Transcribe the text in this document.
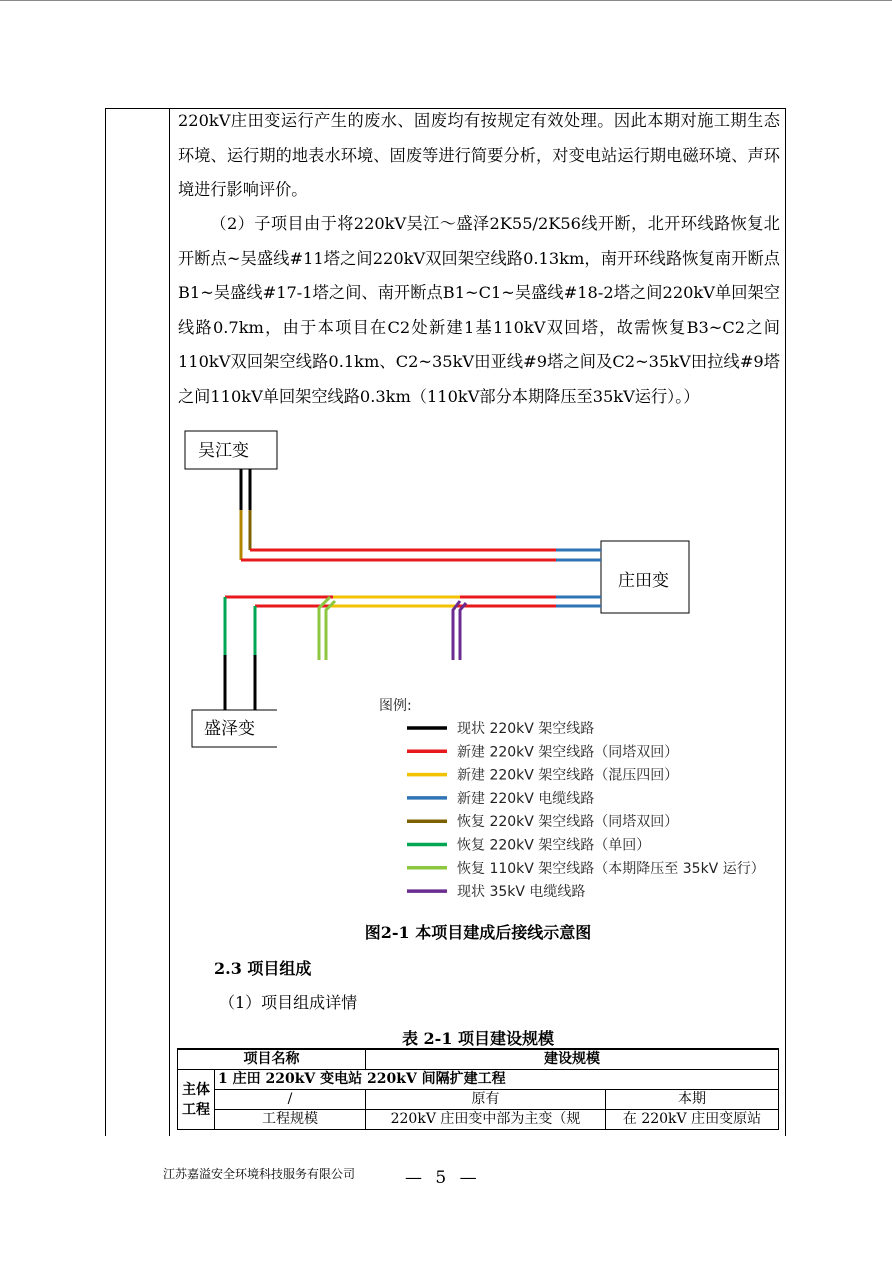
220kV庄田变运行产生的废水、固废均有按规定有效处理。因此本期对施工期生态环境、运行期的地表水环境、固废等进行简要分析，对变电站运行期电磁环境、声环境进行影响评价。

（2）子项目由于将220kV吴江～盛泽2K55/2K56线开断，北开环线路恢复北开断点~吴盛线#11塔之间220kV双回架空线路0.13km，南开环线路恢复南开断点B1~吴盛线#17-1塔之间、南开断点B1~C1~吴盛线#18-2塔之间220kV单回架空线路0.7km，由于本项目在C2处新建1基110kV双回塔，故需恢复B3~C2之间110kV双回架空线路0.1km、C2~35kV田亚线#9塔之间及C2~35kV田拉线#9塔之间110kV单回架空线路0.3km（110kV部分本期降压至35kV运行）。）

吴江变
庄田变
盛泽变
图例:
现状 220kV 架空线路
新建 220kV 架空线路（同塔双回）
新建 220kV 架空线路（混压四回）
新建 220kV 电缆线路
恢复 220kV 架空线路（同塔双回）
恢复 220kV 架空线路（单回）
恢复 110kV 架空线路（本期降压至 35kV 运行）
现状 35kV 电缆线路

图2-1 本项目建成后接线示意图

2.3 项目组成

（1）项目组成详情

表 2-1 项目建设规模

项目名称		建设规模	
主体工程	1 庄田 220kV 变电站 220kV 间隔扩建工程		
	/	原有	本期
	工程规模	220kV 庄田变中部为主变（规	在 220kV 庄田变原站

江苏嘉溢安全环境科技服务有限公司	— 5 —
